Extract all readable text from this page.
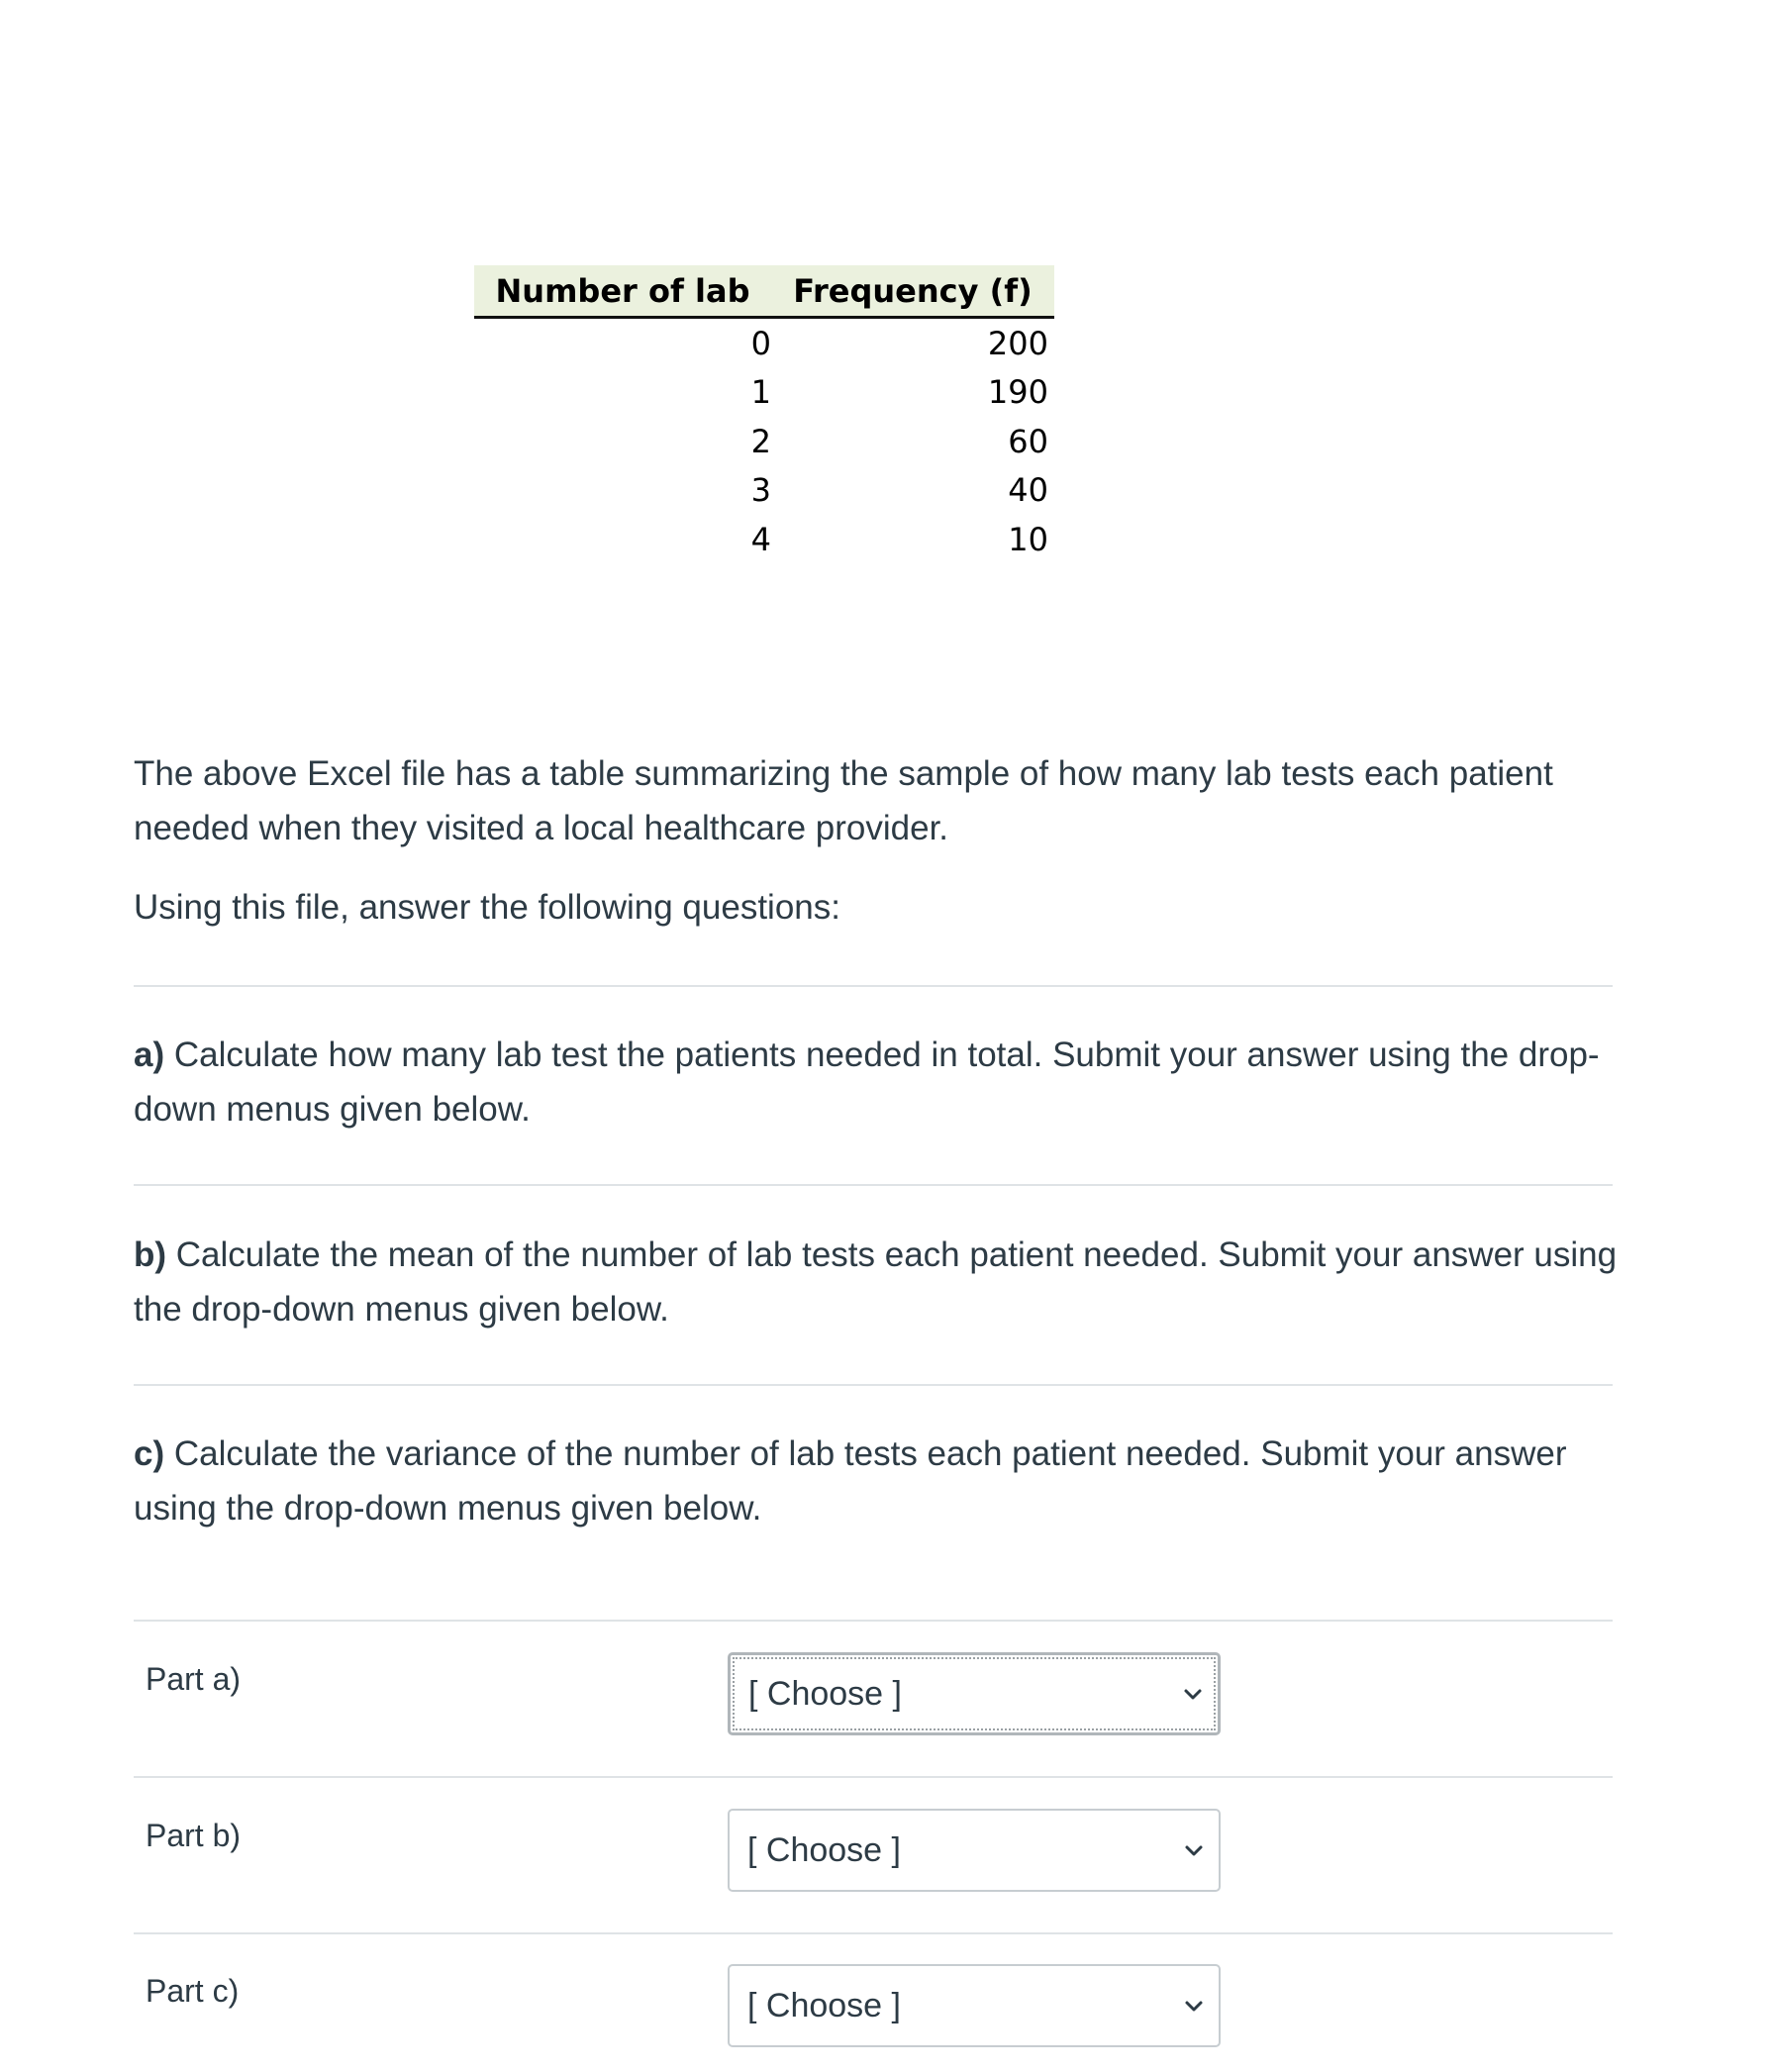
Number of lab	Frequency (f)
0	200
1	190
2	60
3	40
4	10
The above Excel file has a table summarizing the sample of how many lab tests each patient needed when they visited a local healthcare provider.
Using this file, answer the following questions:
a) Calculate how many lab test the patients needed in total. Submit your answer using the drop-down menus given below.
b) Calculate the mean of the number of lab tests each patient needed. Submit your answer using the drop-down menus given below.
c) Calculate the variance of the number of lab tests each patient needed. Submit your answer using the drop-down menus given below.
Part a)	[ Choose ]
Part b)	[ Choose ]
Part c)	[ Choose ]
